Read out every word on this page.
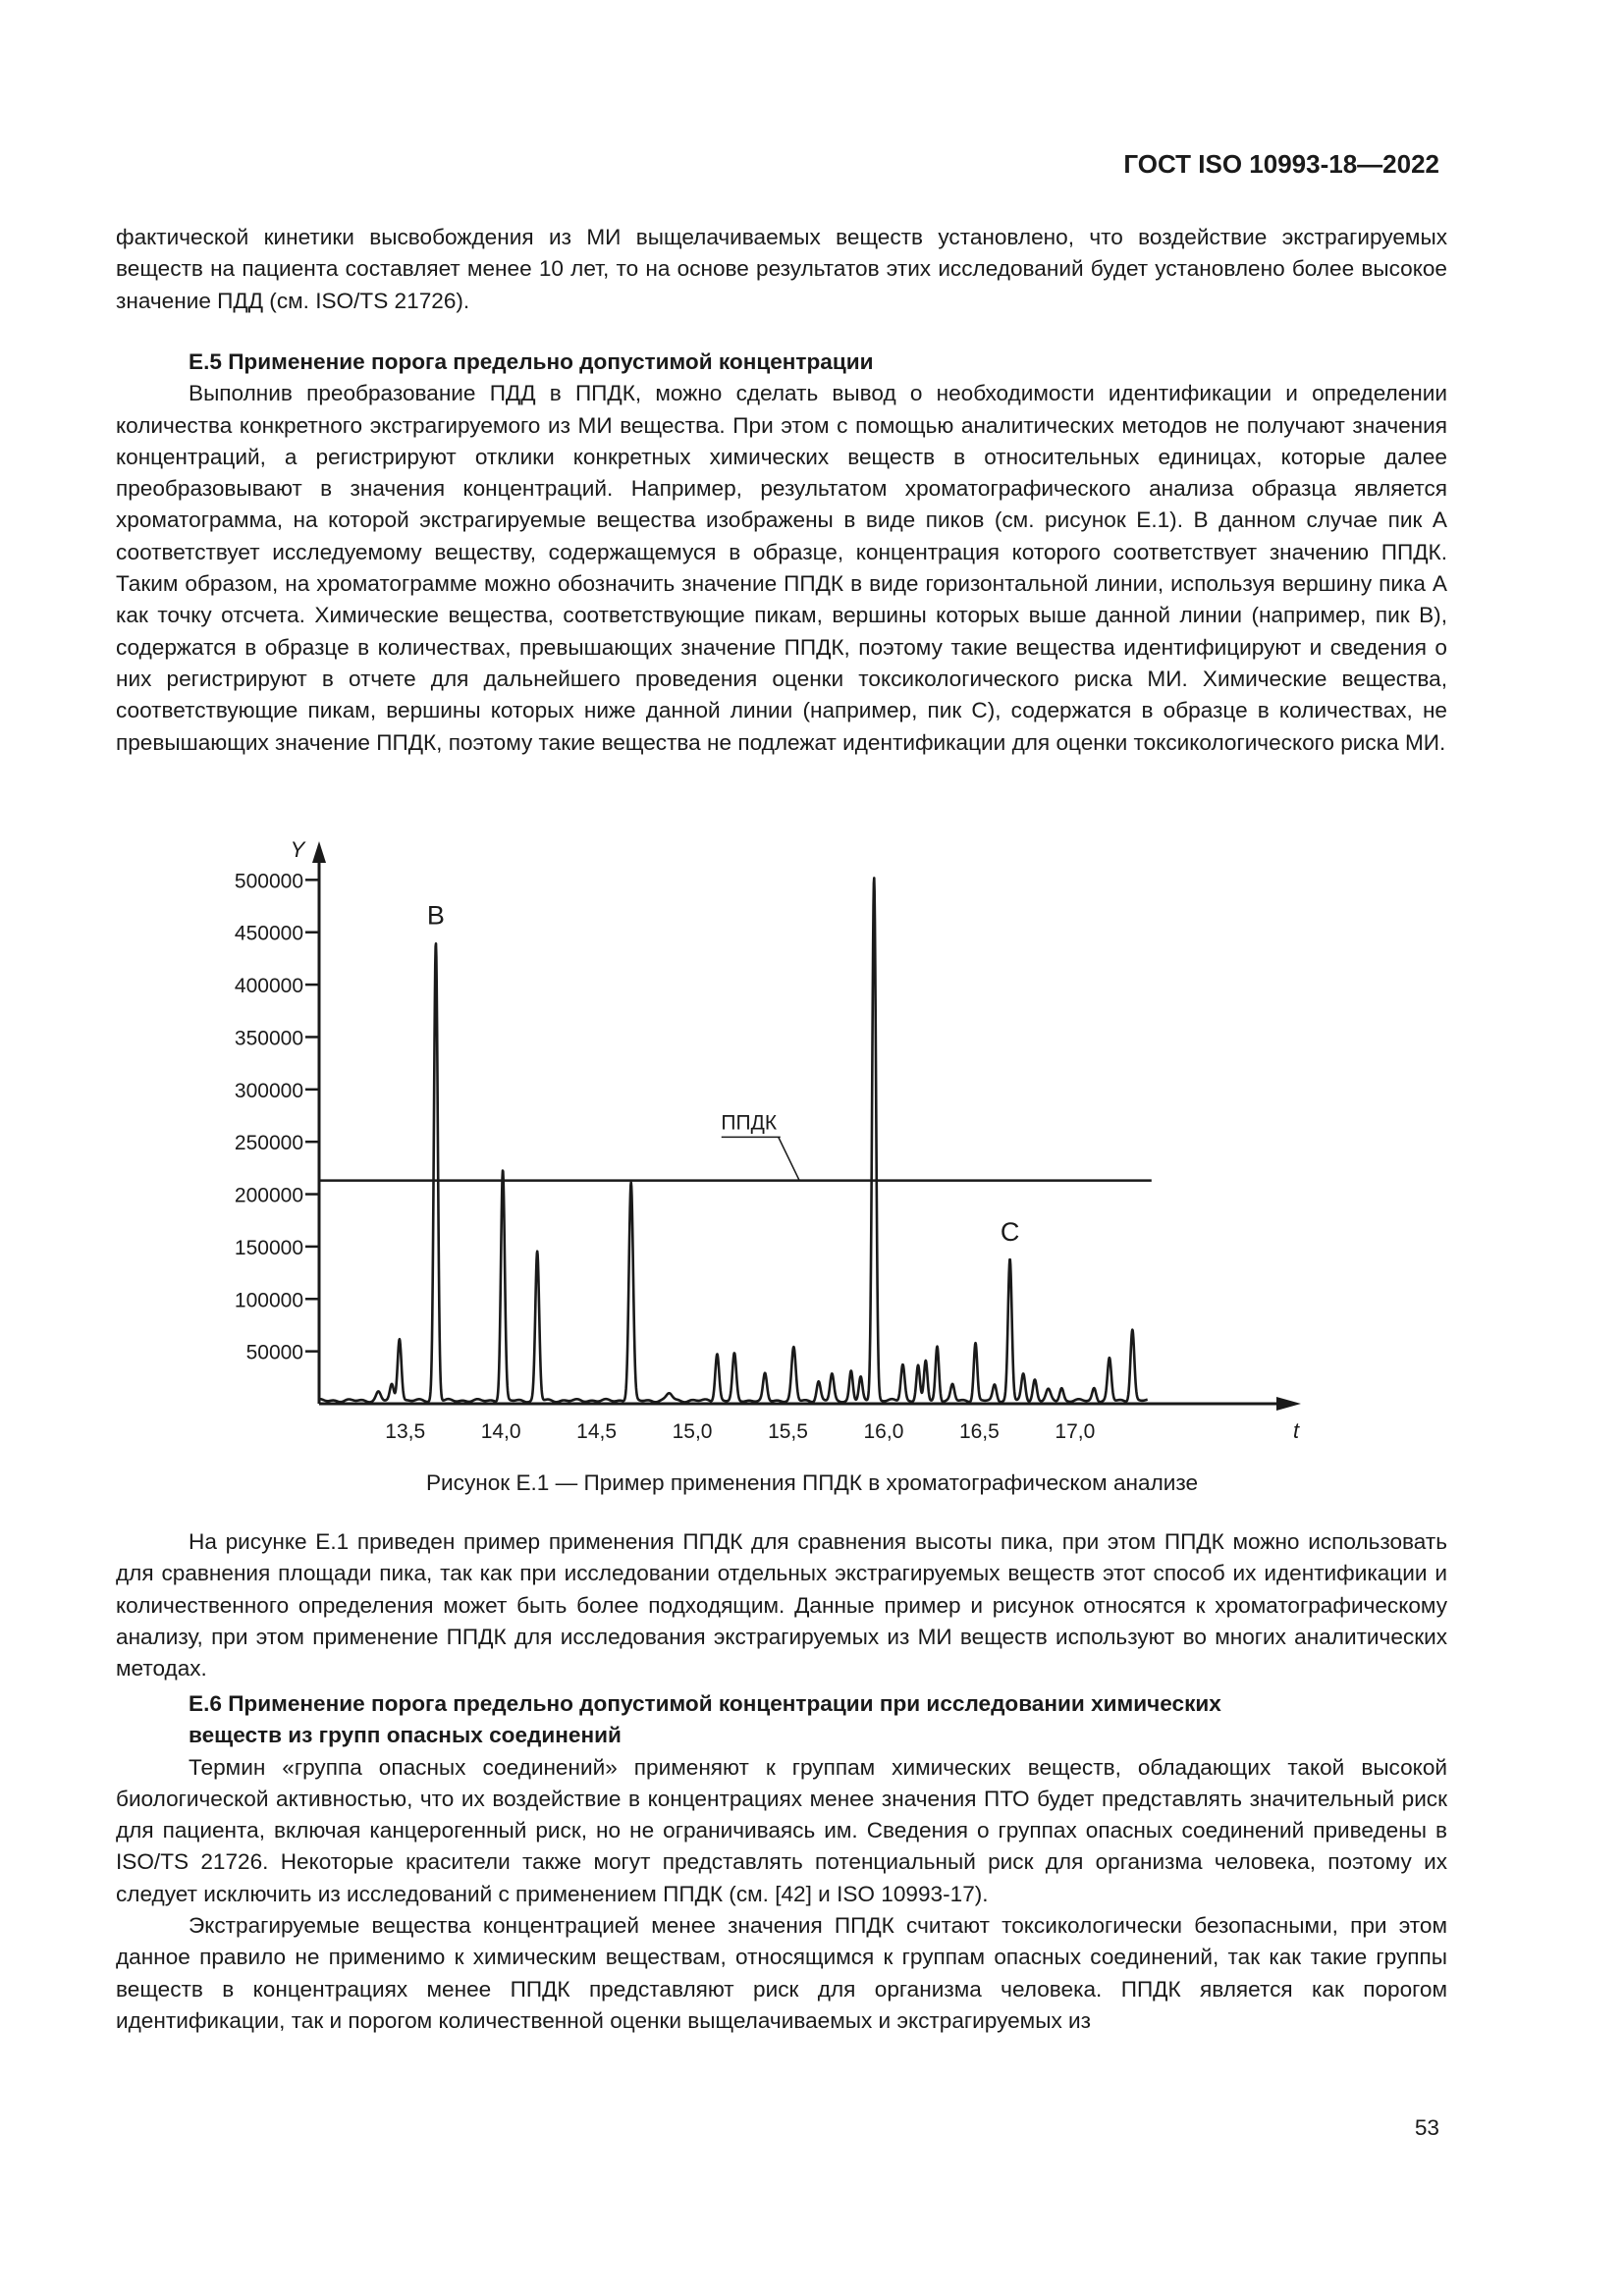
ГОСТ ISO 10993-18—2022

фактической кинетики высвобождения из МИ выщелачиваемых веществ установлено, что воздействие экстрагируемых веществ на пациента составляет менее 10 лет, то на основе результатов этих исследований будет установлено более высокое значение ПДД (см. ISO/TS 21726).

Е.5 Применение порога предельно допустимой концентрации

Выполнив преобразование ПДД в ППДК, можно сделать вывод о необходимости идентификации и определении количества конкретного экстрагируемого из МИ вещества. При этом с помощью аналитических методов не получают значения концентраций, а регистрируют отклики конкретных химических веществ в относительных единицах, которые далее преобразовывают в значения концентраций. Например, результатом хроматографического анализа образца является хроматограмма, на которой экстрагируемые вещества изображены в виде пиков (см. рисунок Е.1). В данном случае пик А соответствует исследуемому веществу, содержащемуся в образце, концентрация которого соответствует значению ППДК. Таким образом, на хроматограмме можно обозначить значение ППДК в виде горизонтальной линии, используя вершину пика А как точку отсчета. Химические вещества, соответствующие пикам, вершины которых выше данной линии (например, пик В), содержатся в образце в количествах, превышающих значение ППДК, поэтому такие вещества идентифицируют и сведения о них регистрируют в отчете для дальнейшего проведения оценки токсикологического риска МИ. Химические вещества, соответствующие пикам, вершины которых ниже данной линии (например, пик С), содержатся в образце в количествах, не превышающих значение ППДК, поэтому такие вещества не подлежат идентификации для оценки токсикологического риска МИ.

Y
t
50000
100000
150000
200000
250000
300000
350000
400000
450000
500000
13,5	14,0	14,5	15,0	15,5	16,0	16,5	17,0
ППДК
B
C
Рисунок Е.1 — Пример применения ППДК в хроматографическом анализе

На рисунке Е.1 приведен пример применения ППДК для сравнения высоты пика, при этом ППДК можно использовать для сравнения площади пика, так как при исследовании отдельных экстрагируемых веществ этот способ их идентификации и количественного определения может быть более подходящим. Данные пример и рисунок относятся к хроматографическому анализу, при этом применение ППДК для исследования экстрагируемых из МИ веществ используют во многих аналитических методах.

Е.6 Применение порога предельно допустимой концентрации при исследовании химических
веществ из групп опасных соединений

Термин «группа опасных соединений» применяют к группам химических веществ, обладающих такой высокой биологической активностью, что их воздействие в концентрациях менее значения ПТО будет представлять значительный риск для пациента, включая канцерогенный риск, но не ограничиваясь им. Сведения о группах опасных соединений приведены в ISO/TS 21726. Некоторые красители также могут представлять потенциальный риск для организма человека, поэтому их следует исключить из исследований с применением ППДК (см. [42] и ISO 10993-17).

Экстрагируемые вещества концентрацией менее значения ППДК считают токсикологически безопасными, при этом данное правило не применимо к химическим веществам, относящимся к группам опасных соединений, так как такие группы веществ в концентрациях менее ППДК представляют риск для организма человека. ППДК является как порогом идентификации, так и порогом количественной оценки выщелачиваемых и экстрагируемых из

53
